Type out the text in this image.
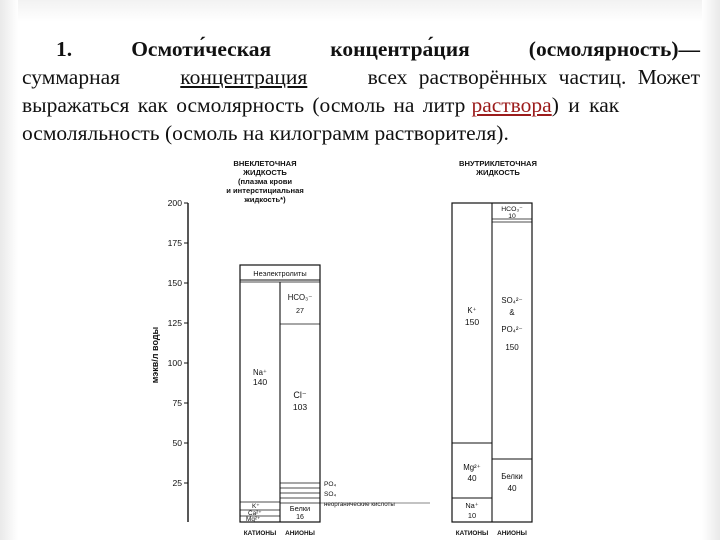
1.	Осмоти́ческая	концентра́ция	(осмолярность)—
суммарная	концентрация	всех растворённых частиц. Может
выражаться как осмолярность (осмоль на литр раствора ) и как
осмоляльность (осмоль на килограмм растворителя).
ВНЕКЛЕТОЧНАЯ
ЖИДКОСТЬ
(плазма крови
и интерстициальная
жидкость*)
ВНУТРИКЛЕТОЧНАЯ
ЖИДКОСТЬ
200
175
150
125
100
75
50
25
мэкв/л воды
Неэлектролиты
Na⁺
140
HCO₃⁻
27
Cl⁻
103
K⁺
Ca²⁺
Mg²⁺
PO₄
SO₄
неорганические кислоты
Белки
16
КАТИОНЫ АНИОНЫ
K⁺
150
HCO₃⁻
10
SO₄²⁻
&
PO₄²⁻
150
Mg²⁺
40	Белки
40
Na⁺
10
КАТИОНЫ АНИОНЫ
